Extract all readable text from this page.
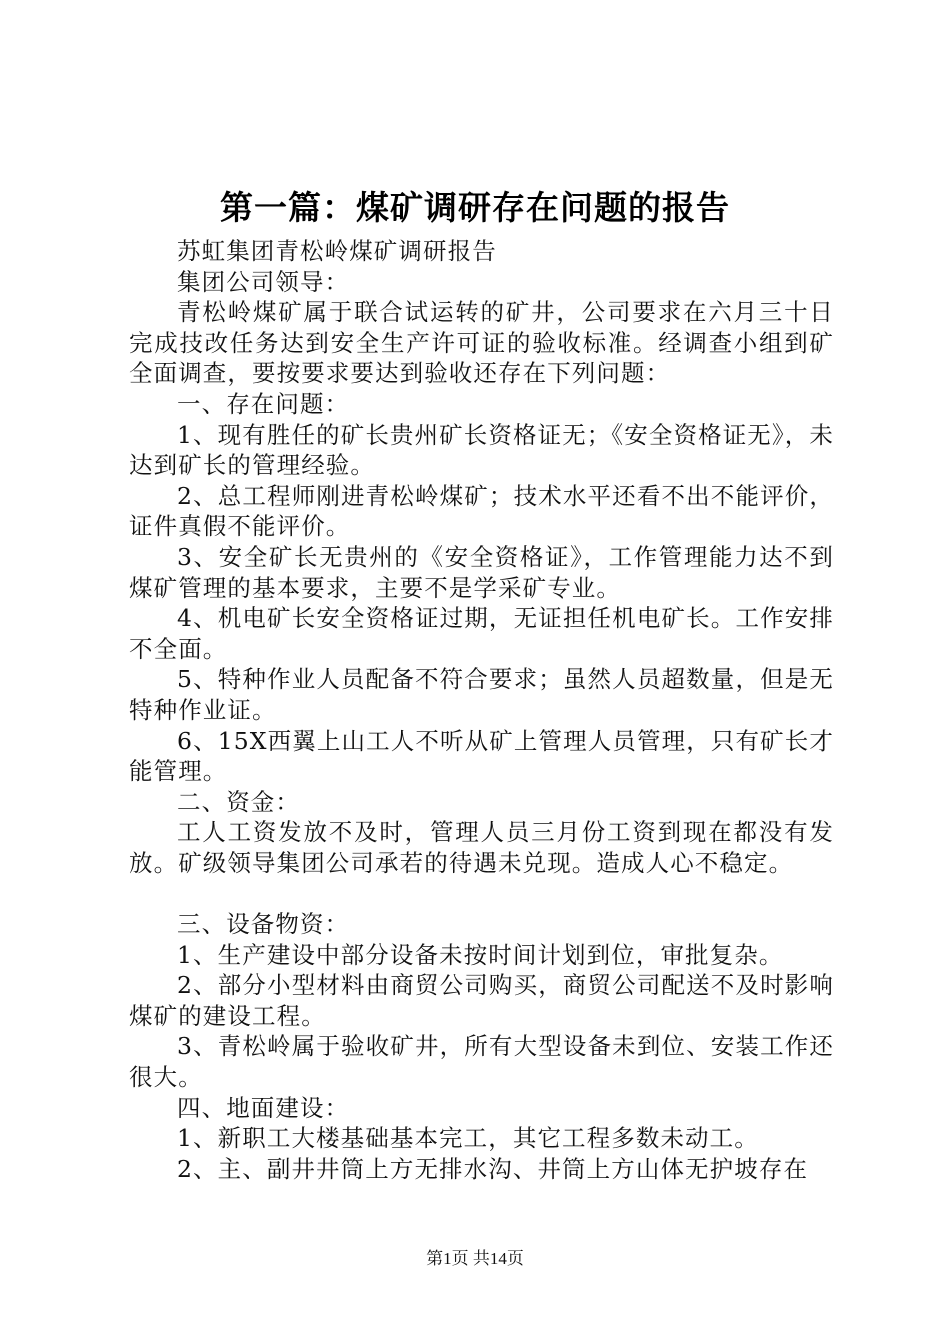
第一篇：煤矿调研存在问题的报告

苏虹集团青松岭煤矿调研报告

集团公司领导：

青松岭煤矿属于联合试运转的矿井，公司要求在六月三十日完成技改任务达到安全生产许可证的验收标准。经调查小组到矿全面调查，要按要求要达到验收还存在下列问题：

一、存在问题：

1、现有胜任的矿长贵州矿长资格证无；《安全资格证无》，未达到矿长的管理经验。

2、总工程师刚进青松岭煤矿；技术水平还看不出不能评价，证件真假不能评价。

3、安全矿长无贵州的《安全资格证》，工作管理能力达不到煤矿管理的基本要求，主要不是学采矿专业。

4、机电矿长安全资格证过期，无证担任机电矿长。工作安排不全面。

5、特种作业人员配备不符合要求；虽然人员超数量，但是无特种作业证。

6、15X西翼上山工人不听从矿上管理人员管理，只有矿长才能管理。

二、资金：

工人工资发放不及时，管理人员三月份工资到现在都没有发放。矿级领导集团公司承若的待遇未兑现。造成人心不稳定。

三、设备物资：

1、生产建设中部分设备未按时间计划到位，审批复杂。

2、部分小型材料由商贸公司购买，商贸公司配送不及时影响煤矿的建设工程。

3、青松岭属于验收矿井，所有大型设备未到位、安装工作还很大。

四、地面建设：

1、新职工大楼基础基本完工，其它工程多数未动工。

2、主、副井井筒上方无排水沟、井筒上方山体无护坡存在

第1页 共14页
